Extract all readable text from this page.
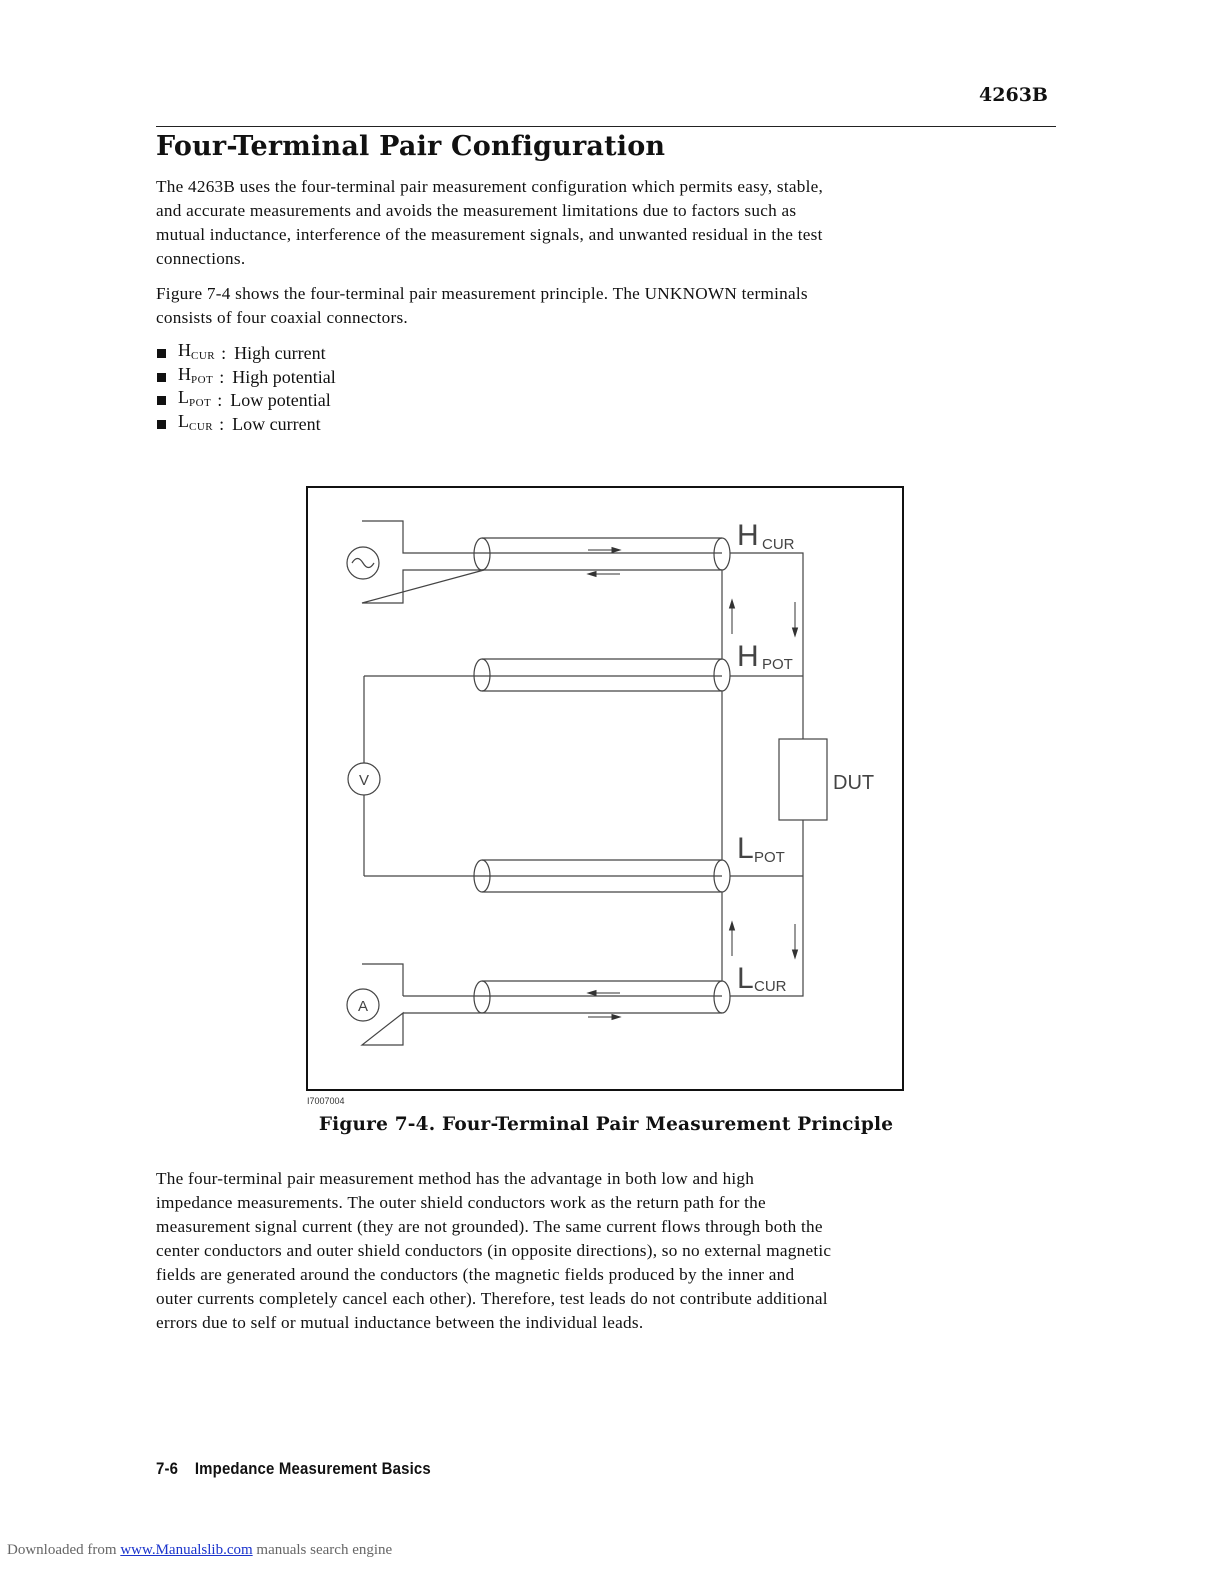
4263B
Four-Terminal Pair Configuration
The 4263B uses the four-terminal pair measurement configuration which permits easy, stable,
and accurate measurements and avoids the measurement limitations due to factors such as
mutual inductance, interference of the measurement signals, and unwanted residual in the test
connections.
Figure 7-4 shows the four-terminal pair measurement principle. The UNKNOWN terminals
consists of four coaxial connectors.
$H_{CUR}$ : High current
$H_{POT}$ : High potential
$L_{POT}$ : Low potential
$L_{CUR}$ : Low current
H CUR
H POT
L POT
L CUR
DUT
V
A
I7007004
Figure 7-4. Four-Terminal Pair Measurement Principle
The four-terminal pair measurement method has the advantage in both low and high
impedance measurements. The outer shield conductors work as the return path for the
measurement signal current (they are not grounded). The same current flows through both the
center conductors and outer shield conductors (in opposite directions), so no external magnetic
fields are generated around the conductors (the magnetic fields produced by the inner and
outer currents completely cancel each other). Therefore, test leads do not contribute additional
errors due to self or mutual inductance between the individual leads.
7-6 Impedance Measurement Basics
Downloaded from www.Manualslib.com manuals search engine
